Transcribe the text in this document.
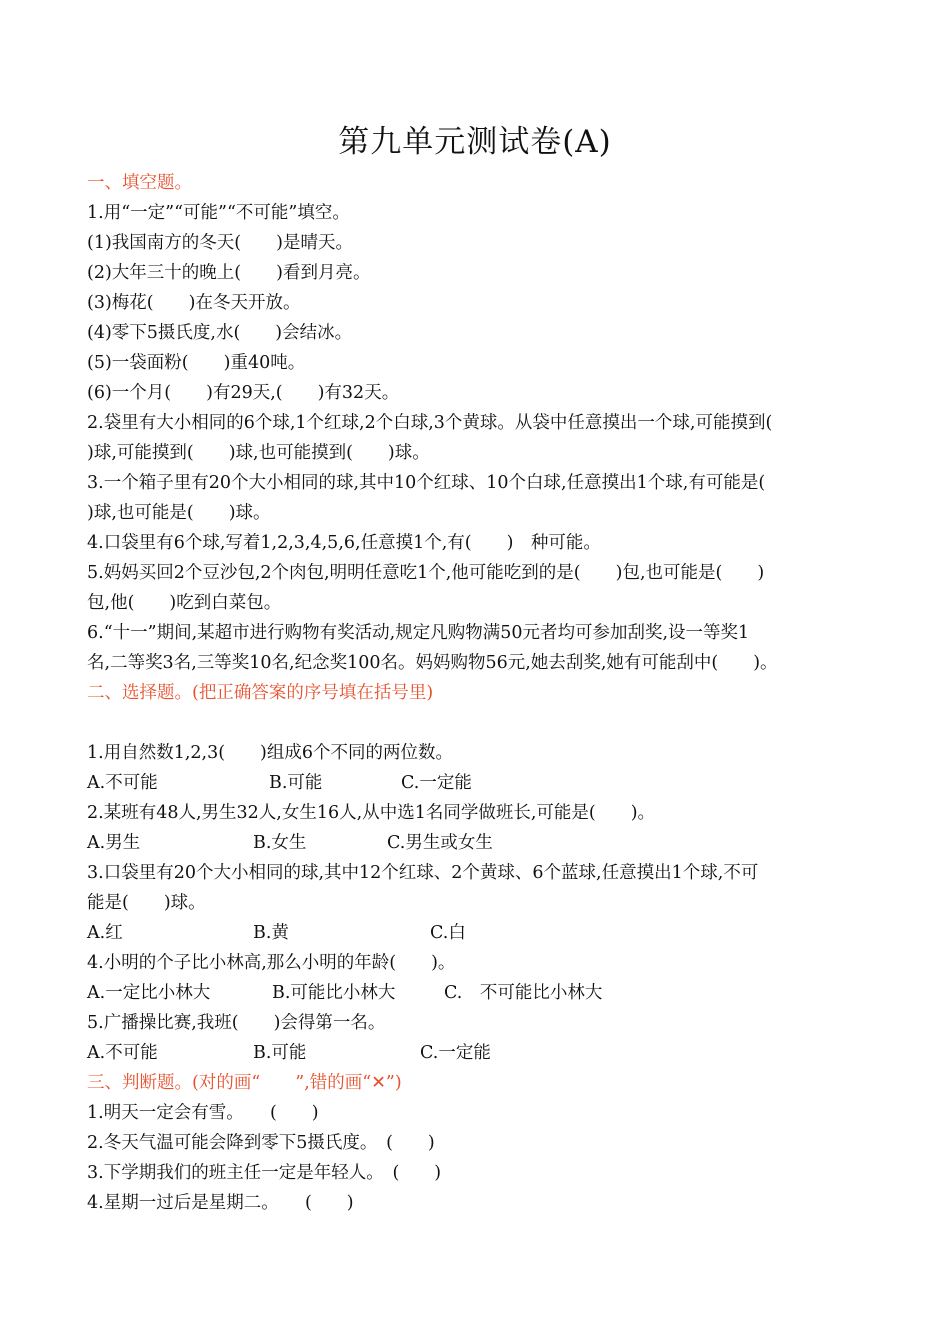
第九单元测试卷(A)
一、填空题。
1.用“一定”“可能”“不可能”填空。
(1)我国南方的冬天(　　)是晴天。
(2)大年三十的晚上(　　)看到月亮。
(3)梅花(　　)在冬天开放。
(4)零下5摄氏度,水(　　)会结冰。
(5)一袋面粉(　　)重40吨。
(6)一个月(　　)有29天,(　　)有32天。
2.袋里有大小相同的6个球,1个红球,2个白球,3个黄球。从袋中任意摸出一个球,可能摸到(
)球,可能摸到(　　)球,也可能摸到(　　)球。
3.一个箱子里有20个大小相同的球,其中10个红球、10个白球,任意摸出1个球,有可能是(
)球,也可能是(　　)球。
4.口袋里有6个球,写着1,2,3,4,5,6,任意摸1个,有(　　)　种可能。
5.妈妈买回2个豆沙包,2个肉包,明明任意吃1个,他可能吃到的是(　　)包,也可能是(　　)
包,他(　　)吃到白菜包。
6.“十一”期间,某超市进行购物有奖活动,规定凡购物满50元者均可参加刮奖,设一等奖1
名,二等奖3名,三等奖10名,纪念奖100名。妈妈购物56元,她去刮奖,她有可能刮中(　　)。
二、选择题。(把正确答案的序号填在括号里)
1.用自然数1,2,3(　　)组成6个不同的两位数。
A.不可能	B.可能	C.一定能
2.某班有48人,男生32人,女生16人,从中选1名同学做班长,可能是(　　)。
A.男生	B.女生	C.男生或女生
3.口袋里有20个大小相同的球,其中12个红球、2个黄球、6个蓝球,任意摸出1个球,不可
能是(　　)球。
A.红	B.黄	C.白
4.小明的个子比小林高,那么小明的年龄(　　)。
A.一定比小林大	B.可能比小林大	C.　不可能比小林大
5.广播操比赛,我班(　　)会得第一名。
A.不可能	B.可能	C.一定能
三、判断题。(对的画“　　”,错的画“✕”)
1.明天一定会有雪。　　(　　)
2.冬天气温可能会降到零下5摄氏度。　(　　)
3.下学期我们的班主任一定是年轻人。　(　　)
4.星期一过后是星期二。　　(　　)
